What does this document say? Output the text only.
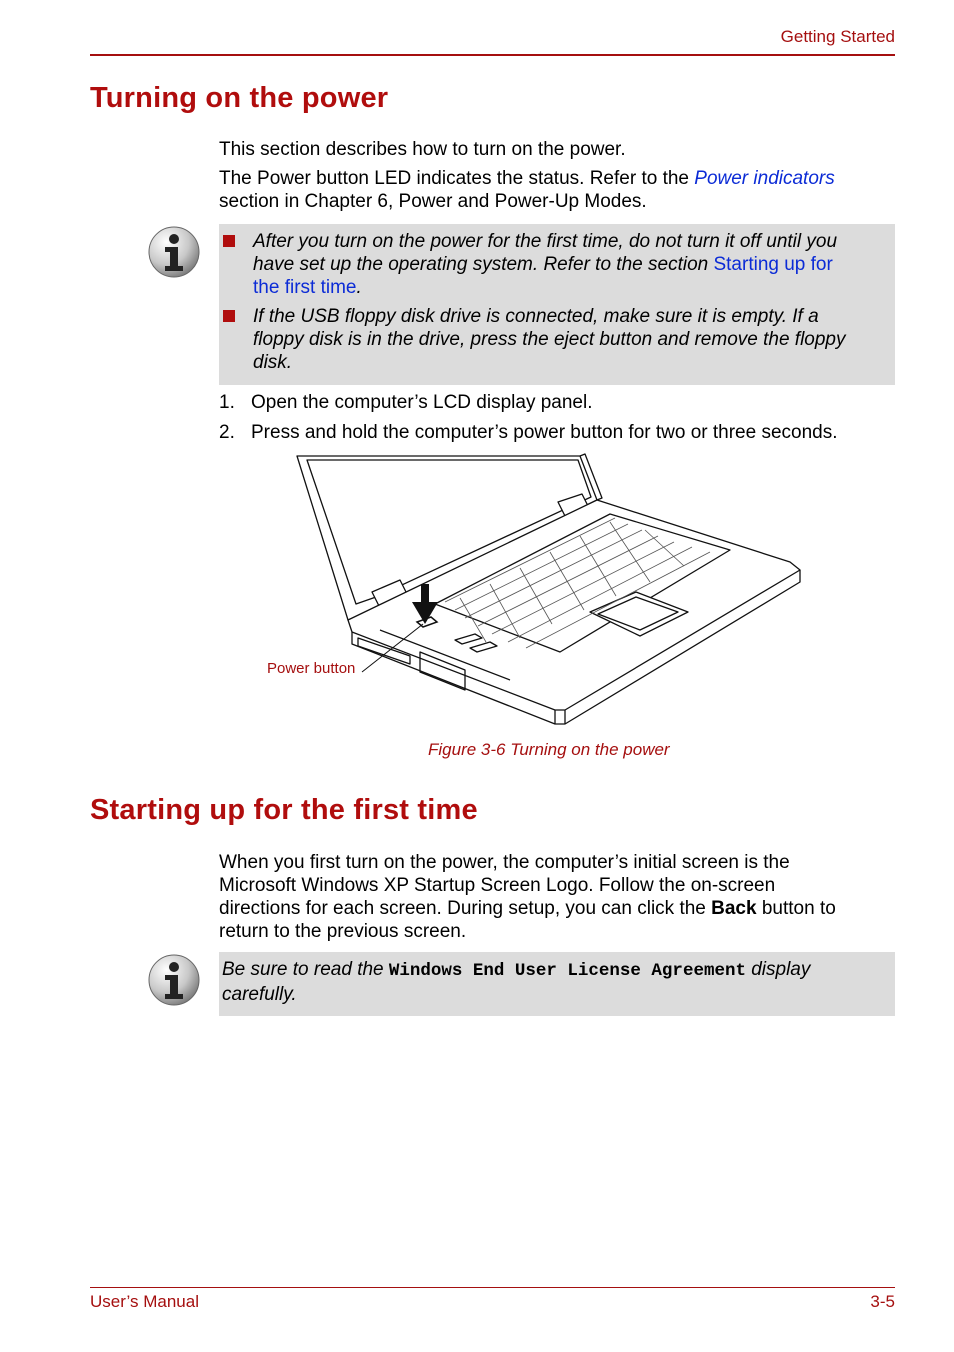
Getting Started
Turning on the power
This section describes how to turn on the power.
The Power button LED indicates the status. Refer to the Power indicators
section in Chapter 6, Power and Power-Up Modes.
After you turn on the power for the first time, do not turn it off until you
have set up the operating system. Refer to the section Starting up for
the first time.
If the USB floppy disk drive is connected, make sure it is empty. If a
floppy disk is in the drive, press the eject button and remove the floppy
disk.
1. Open the computer’s LCD display panel.
2. Press and hold the computer’s power button for two or three seconds.
Power button
Figure 3-6 Turning on the power
Starting up for the first time
When you first turn on the power, the computer’s initial screen is the
Microsoft Windows XP Startup Screen Logo. Follow the on-screen
directions for each screen. During setup, you can click the Back button to
return to the previous screen.
Be sure to read the Windows End User License Agreement display
carefully.
User’s Manual	3-5
